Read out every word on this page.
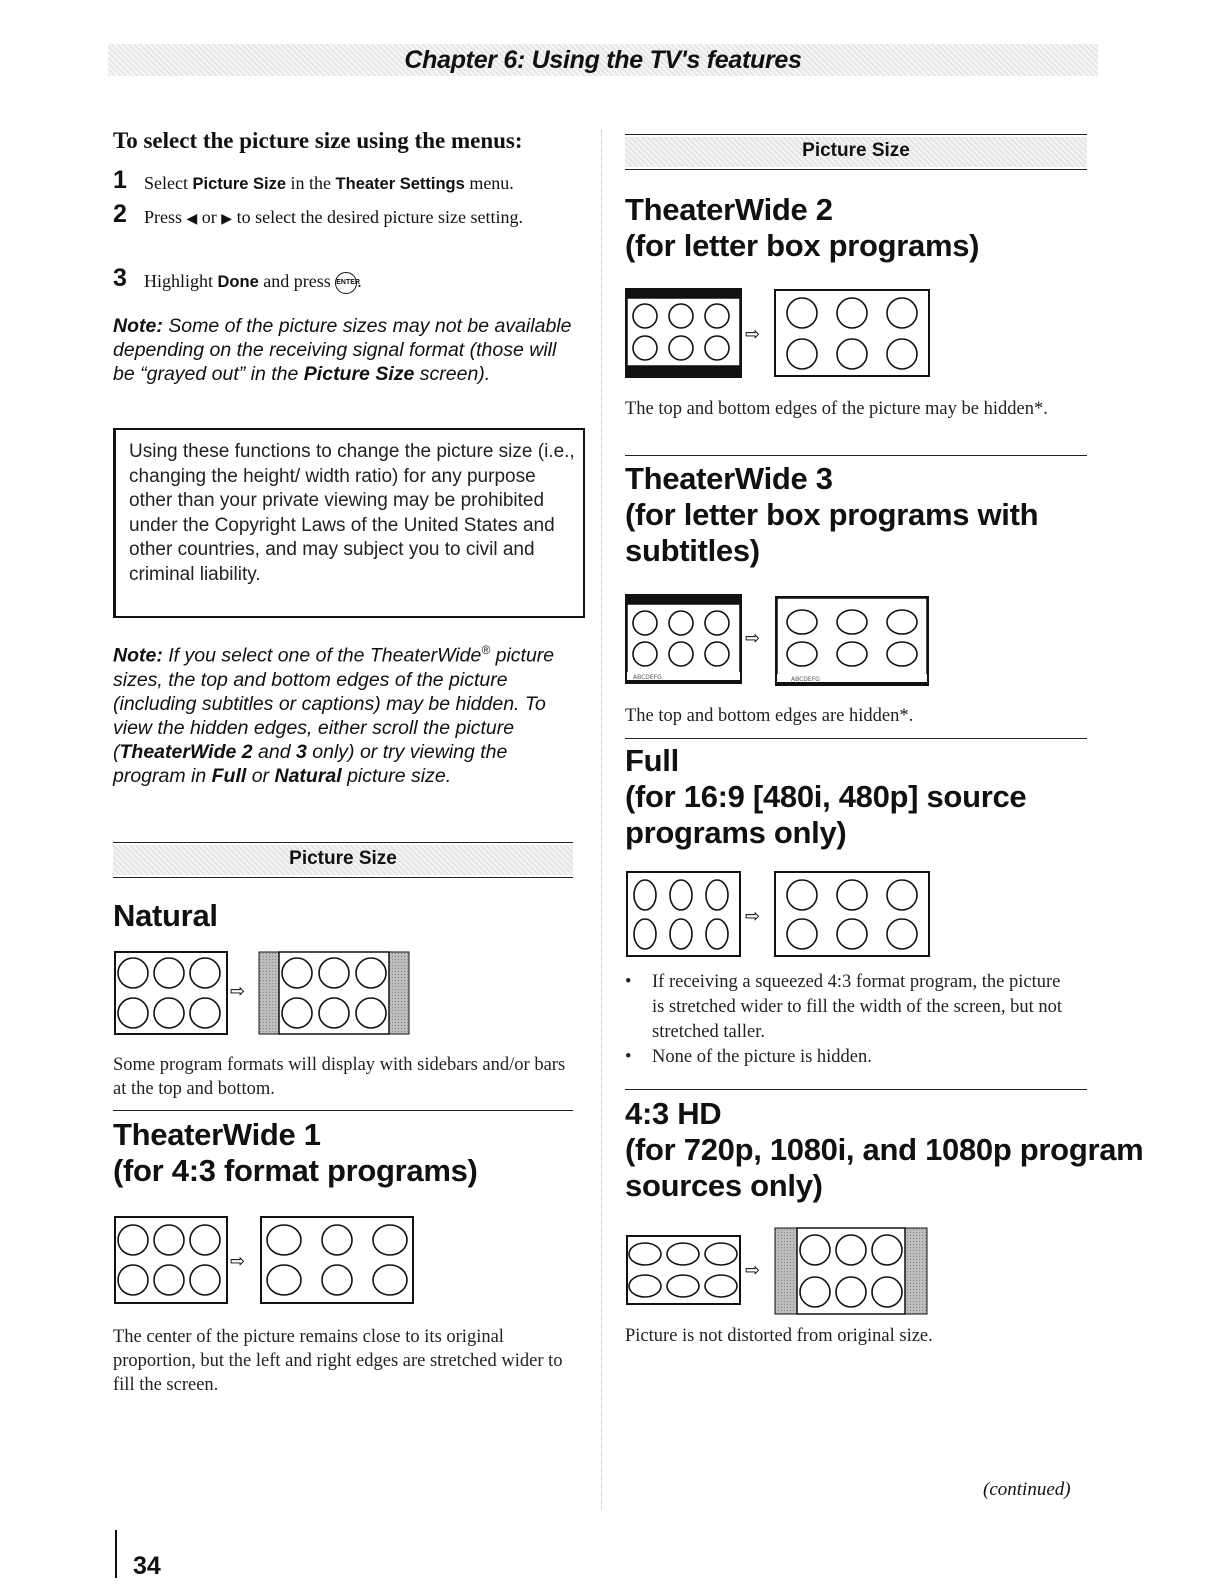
Chapter 6: Using the TV's features
To select the picture size using the menus:
1 Select Picture Size in the Theater Settings menu.
2 Press ◀ or ▶ to select the desired picture size setting.
3 Highlight Done and press ENTER.
Note: Some of the picture sizes may not be available depending on the receiving signal format (those will be “grayed out” in the Picture Size screen).
Using these functions to change the picture size (i.e., changing the height/ width ratio) for any purpose other than your private viewing may be prohibited under the Copyright Laws of the United States and other countries, and may subject you to civil and criminal liability.
Note: If you select one of the TheaterWide® picture sizes, the top and bottom edges of the picture (including subtitles or captions) may be hidden. To view the hidden edges, either scroll the picture (TheaterWide 2 and 3 only) or try viewing the program in Full or Natural picture size.
Picture Size
Natural
⇨
Some program formats will display with sidebars and/or bars at the top and bottom.
TheaterWide 1
(for 4:3 format programs)
⇨
The center of the picture remains close to its original proportion, but the left and right edges are stretched wider to fill the screen.
34
Picture Size
TheaterWide 2
(for letter box programs)
⇨
The top and bottom edges of the picture may be hidden*.
TheaterWide 3
(for letter box programs with
subtitles)
ABCDEFG
⇨
ABCDEFG
The top and bottom edges are hidden*.
Full
(for 16:9 [480i, 480p] source
programs only)
⇨
• If receiving a squeezed 4:3 format program, the picture is stretched wider to fill the width of the screen, but not stretched taller.
• None of the picture is hidden.
4:3 HD
(for 720p, 1080i, and 1080p program
sources only)
⇨
Picture is not distorted from original size.
(continued)
